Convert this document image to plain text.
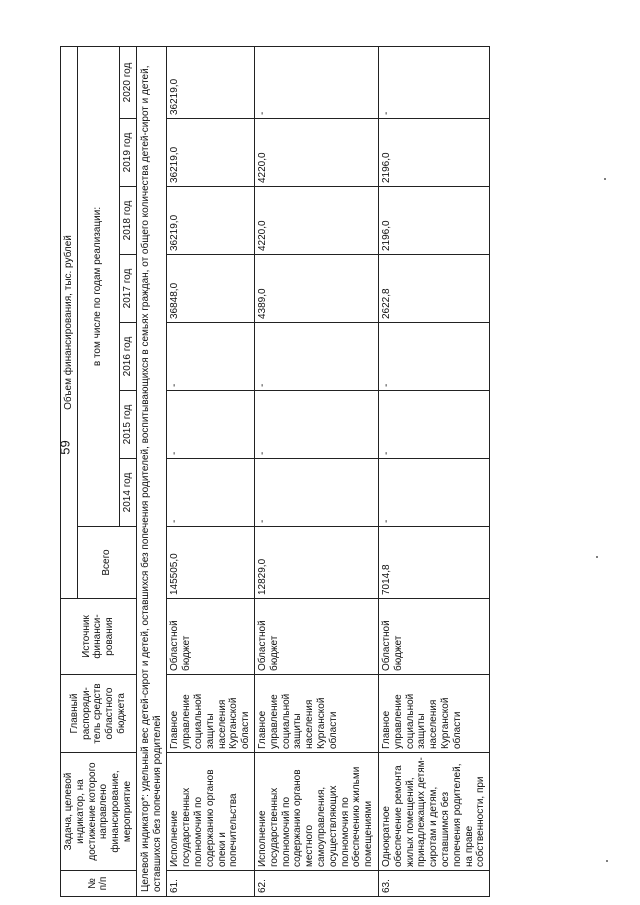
59
№ п/п	Задача, целевой индикатор, на достижение которого направлено финансирование, мероприятие	Главный распоряди-тель средств областного бюджета	Источник финанси-рования	Объем финансирования, тыс. рублей							
				Всего	в том числе по годам реализации:						
					2014 год	2015 год	2016 год	2017 год	2018 год	2019 год	2020 год
Целевой индикатор*: удельный вес детей-сирот и детей, оставшихся без попечения родителей, воспитывающихся в семьях граждан, от общего количества детей-сирот и детей, оставшихся без попечения родителей											
61.	Исполнение государственных полномочий по содержанию органов опеки и попечительства	Главное управление социальной защиты населения Курганской области	Областной бюджет	145505,0	-	-	-	36848,0	36219,0	36219,0	36219,0
62.	Исполнение государственных полномочий по содержанию органов местного самоуправления, осуществляющих полномочия по обеспечению жильми помещениями	Главное управление социальной защиты населения Курганской области	Областной бюджет	12829,0	-	-	-	4389,0	4220,0	4220,0	-
63.	Однократное обеспечение ремонта жилых помещений, принадлежащих детям-сиротам и детям, оставшимся без попечения родителей, на праве собственности, при	Главное управление социальной защиты населения Курганской области	Областной бюджет	7014,8	-	-	-	2622,8	2196,0	2196,0	-
